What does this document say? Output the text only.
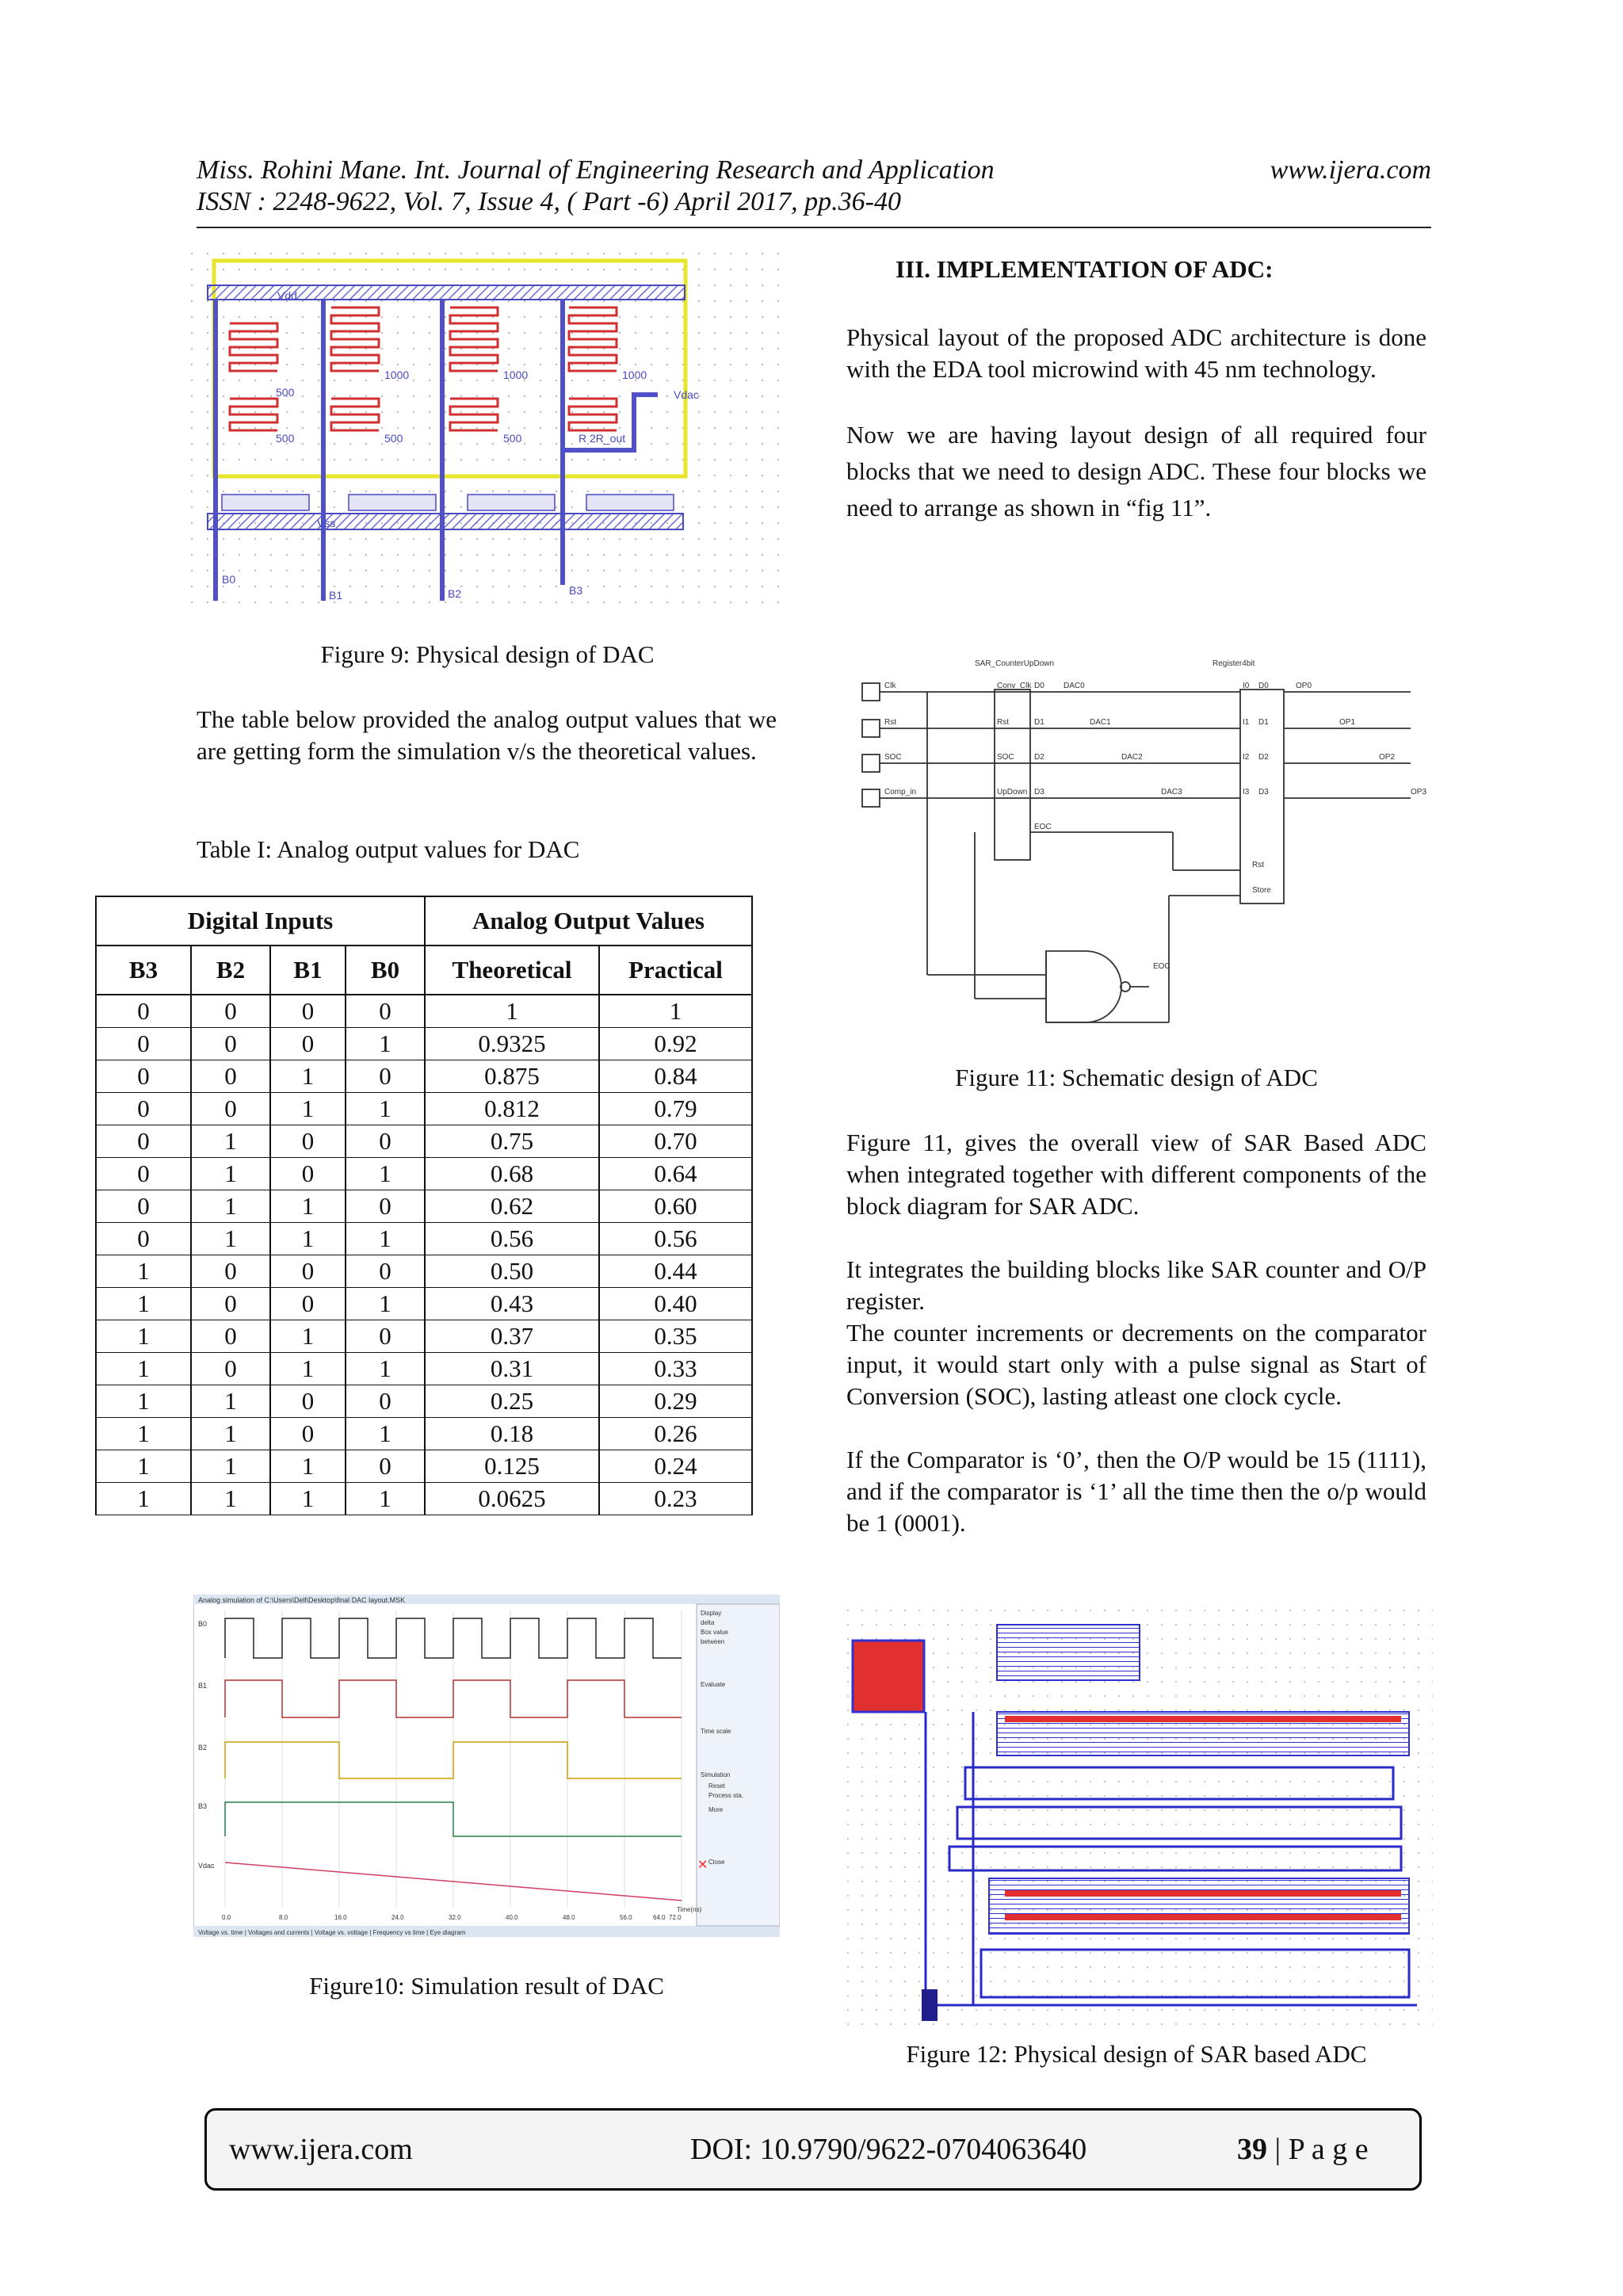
Miss. Rohini Mane. Int. Journal of Engineering Research and Application	www.ijera.com
ISSN : 2248-9622, Vol. 7, Issue 4, ( Part -6) April 2017, pp.36-40
Vdd
Vss
Vdac
R 2R_out
500
500	500	500
1000	1000	1000
B0
B1	B2	B3
Figure 9: Physical design of DAC

The table below provided the analog output values that we are getting form the simulation v/s the theoretical values.

Table I: Analog output values for DAC
Digital Inputs				Analog Output Values	
B3	B2	B1	B0	Theoretical	Practical
0	0	0	0	1	1
0	0	0	1	0.9325	0.92
0	0	1	0	0.875	0.84
0	0	1	1	0.812	0.79
0	1	0	0	0.75	0.70
0	1	0	1	0.68	0.64
0	1	1	0	0.62	0.60
0	1	1	1	0.56	0.56
1	0	0	0	0.50	0.44
1	0	0	1	0.43	0.40
1	0	1	0	0.37	0.35
1	0	1	1	0.31	0.33
1	1	0	0	0.25	0.29
1	1	0	1	0.18	0.26
1	1	1	0	0.125	0.24
1	1	1	1	0.0625	0.23
Analog simulation of C:\Users\Dell\Desktop\final DAC layout.MSK
Voltage vs. time | Voltages and currents | Voltage vs. voltage | Frequency vs time | Eye diagram
Display
delta
Box value
between
Evaluate
Time scale
Simulation
Reset
Process sta.
More
Close
✕
B0
B1
B2
B3
Vdac
0.0	8.0	16.0	24.0	32.0	40.0	48.0	56.0	64.0 72.0
Time(ns)
Figure10: Simulation result of DAC
III. IMPLEMENTATION OF ADC:

Physical layout of the proposed ADC architecture is done with the EDA tool microwind with 45 nm technology.

Now we are having layout design of all required four blocks that we need to design ADC. These four blocks we need to arrange as shown in “fig 11”.

SAR_CounterUpDown	Register4bit
Clk
Rst
SOC
Comp_in
Conv_Clk
Rst
SOC
UpDown
D0
D1
D2
D3
EOC
DAC0
DAC1
DAC2
DAC3
I0
I1
I2
I3
Rst
Store
D0
D1
D2
D3
OP0
OP1
OP2
OP3
EOC
Figure 11: Schematic design of ADC

Figure 11, gives the overall view of SAR Based ADC when integrated together with different components of the block diagram for SAR ADC.

It integrates the building blocks like SAR counter and O/P register.

The counter increments or decrements on the comparator input, it would start only with a pulse signal as Start of Conversion (SOC), lasting atleast one clock cycle.

If the Comparator is ‘0’, then the O/P would be 15 (1111), and if the comparator is ‘1’ all the time then the o/p would be 1 (0001).

Figure 12: Physical design of SAR based ADC
www.ijera.com	DOI: 10.9790/9622-0704063640	39 | P a g e
